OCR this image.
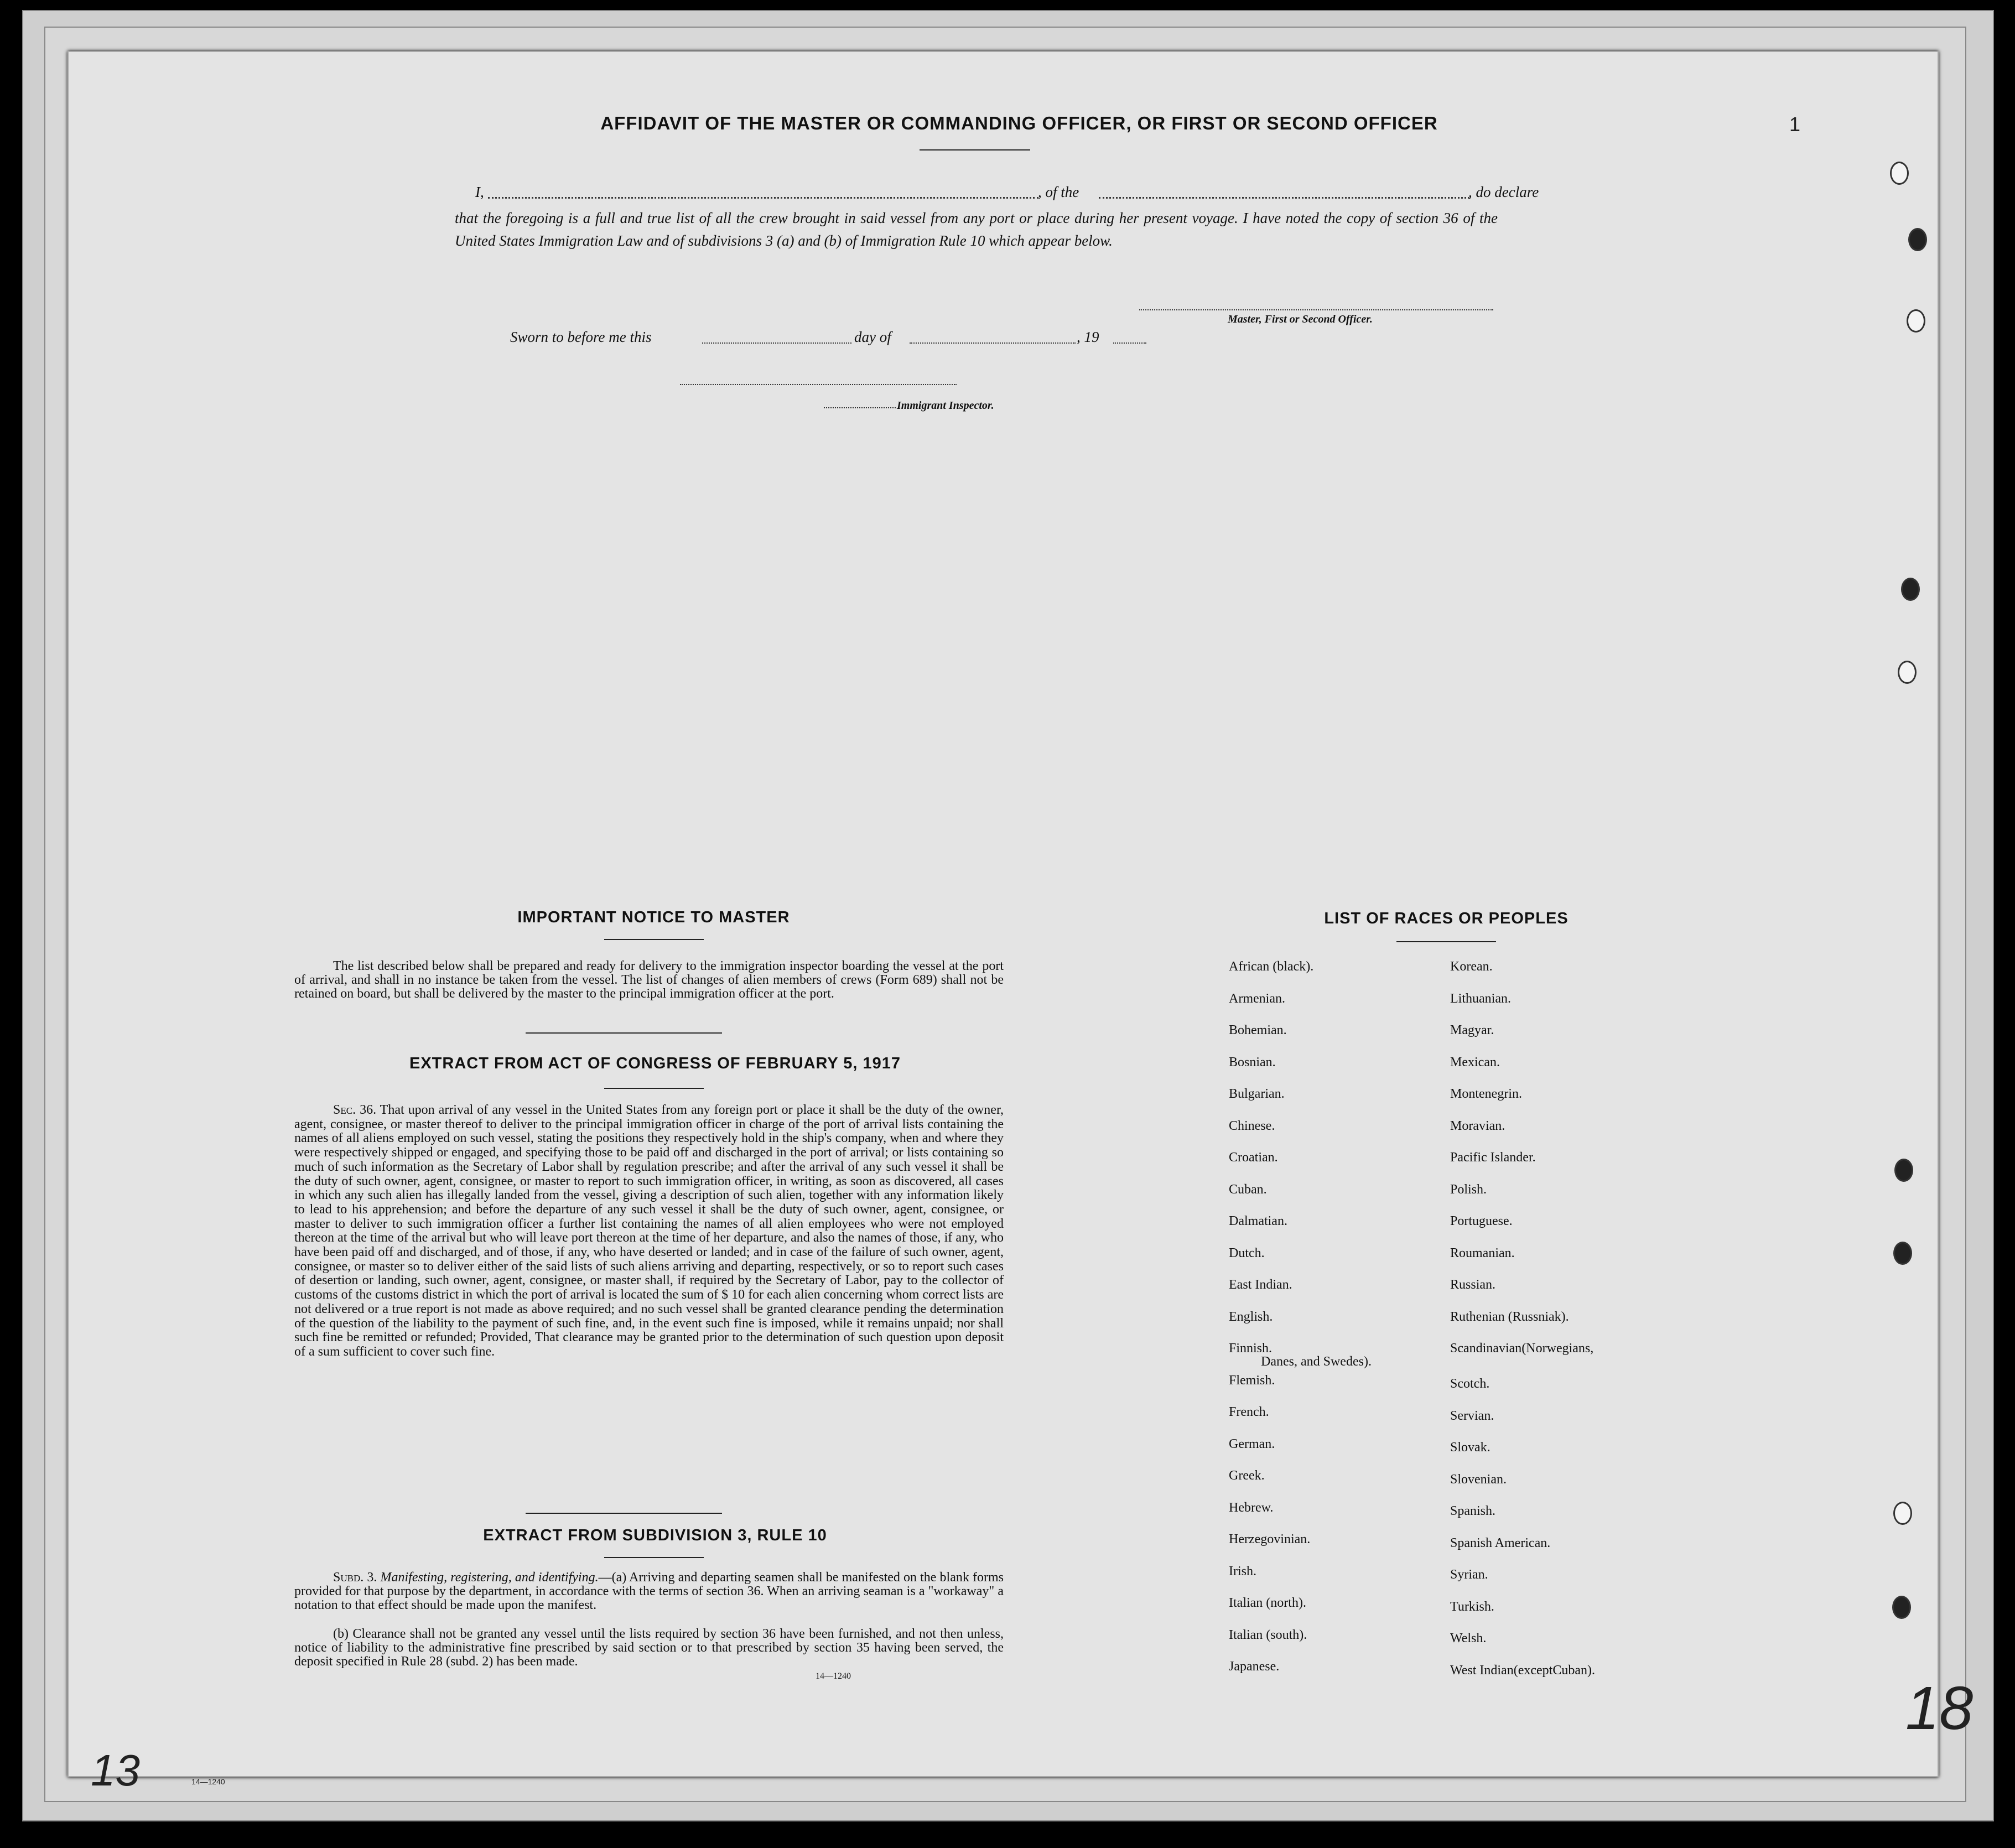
AFFIDAVIT OF THE MASTER OR COMMANDING OFFICER, OR FIRST OR SECOND OFFICER
I,	, of the	, do declare
that the foregoing is a full and true list of all the crew brought in said vessel from any port or place during her present voyage. I have noted the copy of section 36 of the United States Immigration Law and of subdivisions 3 (a) and (b) of Immigration Rule 10 which appear below.
Master, First or Second Officer.
Sworn to before me this	day of	, 19
Immigrant Inspector.
IMPORTANT NOTICE TO MASTER
The list described below shall be prepared and ready for delivery to the immigration inspector boarding the vessel at the port of arrival, and shall in no instance be taken from the vessel. The list of changes of alien members of crews (Form 689) shall not be retained on board, but shall be delivered by the master to the principal immigration officer at the port.
EXTRACT FROM ACT OF CONGRESS OF FEBRUARY 5, 1917
Sec. 36. That upon arrival of any vessel in the United States from any foreign port or place it shall be the duty of the owner, agent, consignee, or master thereof to deliver to the principal immigration officer in charge of the port of arrival lists containing the names of all aliens employed on such vessel, stating the positions they respectively hold in the ship's company, when and where they were respectively shipped or engaged, and specifying those to be paid off and discharged in the port of arrival; or lists containing so much of such information as the Secretary of Labor shall by regulation prescribe; and after the arrival of any such vessel it shall be the duty of such owner, agent, consignee, or master to report to such immigration officer, in writing, as soon as discovered, all cases in which any such alien has illegally landed from the vessel, giving a description of such alien, together with any information likely to lead to his apprehension; and before the departure of any such vessel it shall be the duty of such owner, agent, consignee, or master to deliver to such immigration officer a further list containing the names of all alien employees who were not employed thereon at the time of the arrival but who will leave port thereon at the time of her departure, and also the names of those, if any, who have been paid off and discharged, and of those, if any, who have deserted or landed; and in case of the failure of such owner, agent, consignee, or master so to deliver either of the said lists of such aliens arriving and departing, respectively, or so to report such cases of desertion or landing, such owner, agent, consignee, or master shall, if required by the Secretary of Labor, pay to the collector of customs of the customs district in which the port of arrival is located the sum of $ 10 for each alien concerning whom correct lists are not delivered or a true report is not made as above required; and no such vessel shall be granted clearance pending the determination of the question of the liability to the payment of such fine, and, in the event such fine is imposed, while it remains unpaid; nor shall such fine be remitted or refunded; Provided, That clearance may be granted prior to the determination of such question upon deposit of a sum sufficient to cover such fine.
EXTRACT FROM SUBDIVISION 3, RULE 10
Subd. 3. Manifesting, registering, and identifying.—(a) Arriving and departing seamen shall be manifested on the blank forms provided for that purpose by the department, in accordance with the terms of section 36. When an arriving seaman is a "workaway" a notation to that effect should be made upon the manifest.
(b) Clearance shall not be granted any vessel until the lists required by section 36 have been furnished, and not then unless, notice of liability to the administrative fine prescribed by said section or to that prescribed by section 35 having been served, the deposit specified in Rule 28 (subd. 2) has been made.
14—1240
LIST OF RACES OR PEOPLES
African (black).
Armenian.
Bohemian.
Bosnian.
Bulgarian.
Chinese.
Croatian.
Cuban.
Dalmatian.
Dutch.
East Indian.
English.
Finnish.
Flemish.
French.
German.
Greek.
Hebrew.
Herzegovinian.
Irish.
Italian (north).
Italian (south).
Japanese.
Korean.
Lithuanian.
Magyar.
Mexican.
Montenegrin.
Moravian.
Pacific Islander.
Polish.
Portuguese.
Roumanian.
Russian.
Ruthenian (Russniak).
Scandinavian(Norwegians,
Danes, and Swedes).
Scotch.
Servian.
Slovak.
Slovenian.
Spanish.
Spanish American.
Syrian.
Turkish.
Welsh.
West Indian(exceptCuban).
1
18
13	14—1240
